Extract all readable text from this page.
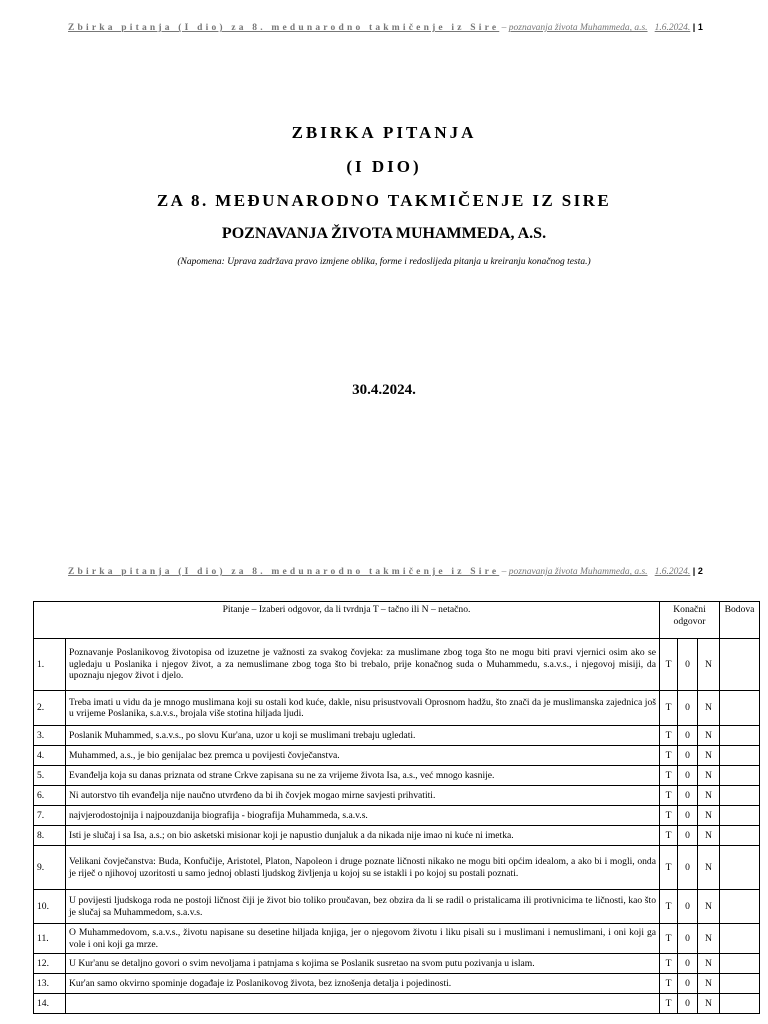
Zbirka pitanja (I dio) za 8. medunarodno takmičenje iz Sire – poznavanja života Muhammeda, a.s. 1.6.2024. | 1
ZBIRKA PITANJA
(I DIO)
ZA 8. MEĐUNARODNO TAKMIČENJE IZ SIRE
POZNAVANJA ŽIVOTA MUHAMMEDA, A.S.
(Napomena: Uprava zadržava pravo izmjene oblika, forme i redoslijeda pitanja u kreiranju konačnog testa.)
30.4.2024.
Zbirka pitanja (I dio) za 8. medunarodno takmičenje iz Sire – poznavanja života Muhammeda, a.s. 1.6.2024. | 2
Pitanje – Izaberi odgovor, da li tvrdnja T – tačno ili N – netačno.		Konačni odgovor			Bodova
1.	Poznavanje Poslanikovog životopisa od izuzetne je važnosti za svakog čovjeka: za muslimane zbog toga što ne mogu biti pravi vjernici osim ako se ugledaju u Poslanika i njegov život, a za nemuslimane zbog toga što bi trebalo, prije konačnog suda o Muhammedu, s.a.v.s., i njegovoj misiji, da upoznaju njegov život i djelo.	T	0	N	
2.	Treba imati u vidu da je mnogo muslimana koji su ostali kod kuće, dakle, nisu prisustvovali Oprosnom hadžu, što znači da je muslimanska zajednica još u vrijeme Poslanika, s.a.v.s., brojala više stotina hiljada ljudi.	T	0	N	
3.	Poslanik Muhammed, s.a.v.s., po slovu Kur'ana, uzor u koji se muslimani trebaju ugledati.	T	0	N	
4.	Muhammed, a.s., je bio genijalac bez premca u povijesti čovječanstva.	T	0	N	
5.	Evanđelja koja su danas priznata od strane Crkve zapisana su ne za vrijeme života Isa, a.s., već mnogo kasnije.	T	0	N	
6.	Ni autorstvo tih evanđelja nije naučno utvrđeno da bi ih čovjek mogao mirne savjesti prihvatiti.	T	0	N	
7.	najvjerodostojnija i najpouzdanija biografija - biografija Muhammeda, s.a.v.s.	T	0	N	
8.	Isti je slučaj i sa Isa, a.s.; on bio asketski misionar koji je napustio dunjaluk a da nikada nije imao ni kuće ni imetka.	T	0	N	
9.	Velikani čovječanstva: Buda, Konfučije, Aristotel, Platon, Napoleon i druge poznate ličnosti nikako ne mogu biti općim idealom, a ako bi i mogli, onda je riječ o njihovoj uzoritosti u samo jednoj oblasti ljudskog življenja u kojoj su se istakli i po kojoj su postali poznati.	T	0	N	
10.	U povijesti ljudskoga roda ne postoji ličnost čiji je život bio toliko proučavan, bez obzira da li se radil o pristalicama ili protivnicima te ličnosti, kao što je slučaj sa Muhammedom, s.a.v.s.	T	0	N	
11.	O Muhammedovom, s.a.v.s., životu napisane su desetine hiljada knjiga, jer o njegovom životu i liku pisali su i muslimani i nemuslimani, i oni koji ga vole i oni koji ga mrze.	T	0	N	
12.	U Kur'anu se detaljno govori o svim nevoljama i patnjama s kojima se Poslanik susretao na svom putu pozivanja u islam.	T	0	N	
13.	Kur'an samo okvirno spominje događaje iz Poslanikovog života, bez iznošenja detalja i pojedinosti.	T	0	N	
14.		T	0	N	
